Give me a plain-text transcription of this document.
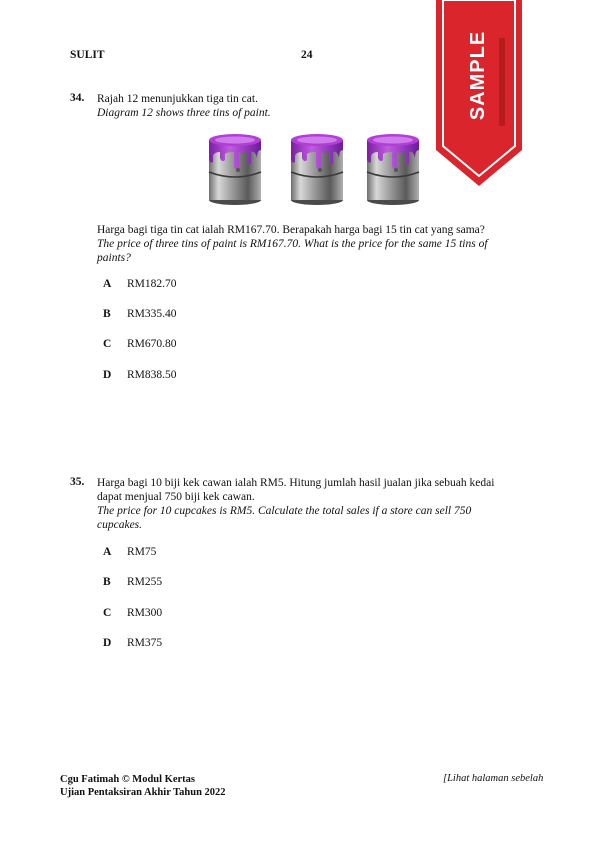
SULIT	24	SAMPLE
34. Rajah 12 menunjukkan tiga tin cat.
Diagram 12 shows three tins of paint.
Harga bagi tiga tin cat ialah RM167.70. Berapakah harga bagi 15 tin cat yang sama?
The price of three tins of paint is RM167.70. What is the price for the same 15 tins of
paints?
A RM182.70
B RM335.40
C RM670.80
D RM838.50
35. Harga bagi 10 biji kek cawan ialah RM5. Hitung jumlah hasil jualan jika sebuah kedai
dapat menjual 750 biji kek cawan.
The price for 10 cupcakes is RM5. Calculate the total sales if a store can sell 750
cupcakes.
A RM75
B RM255
C RM300
D RM375
Cgu Fatimah © Modul Kertas
Ujian Pentaksiran Akhir Tahun 2022
[Lihat halaman sebelah
